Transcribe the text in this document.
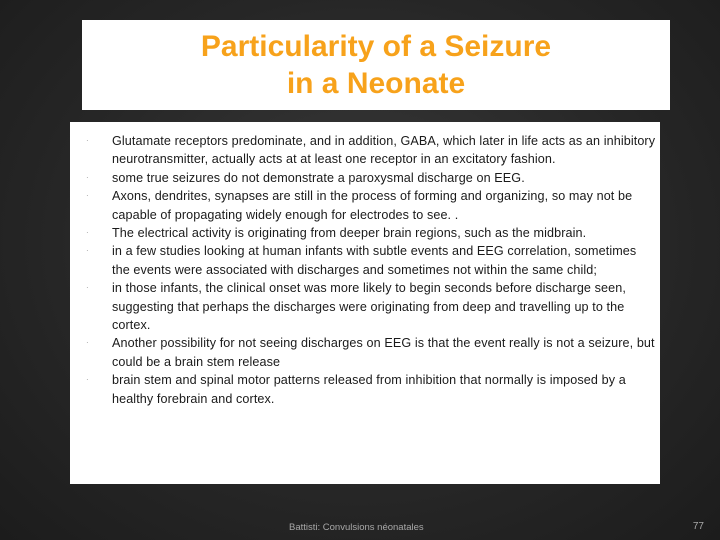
Particularity of a Seizure
in a Neonate
·	Glutamate receptors predominate, and in addition, GABA, which later in life acts as an inhibitory neurotransmitter, actually acts at at least one receptor in an excitatory fashion.
·	some true seizures do not demonstrate a paroxysmal discharge on EEG.
·	Axons, dendrites, synapses are still in the process of forming and organizing, so may not be capable of propagating widely enough for electrodes to see. .
·	The electrical activity is originating from deeper brain regions, such as the midbrain.
·	in a few studies looking at human infants with subtle events and EEG correlation, sometimes the events were associated with discharges and sometimes not within the same child;
·	in those infants, the clinical onset was more likely to begin seconds before discharge seen, suggesting that perhaps the discharges were originating from deep and travelling up to the cortex.
·	Another possibility for not seeing discharges on EEG is that the event really is not a seizure, but could be a brain stem release
·	brain stem and spinal motor patterns released from inhibition that normally is imposed by a healthy forebrain and cortex.
Battisti: Convulsions néonatales	77
